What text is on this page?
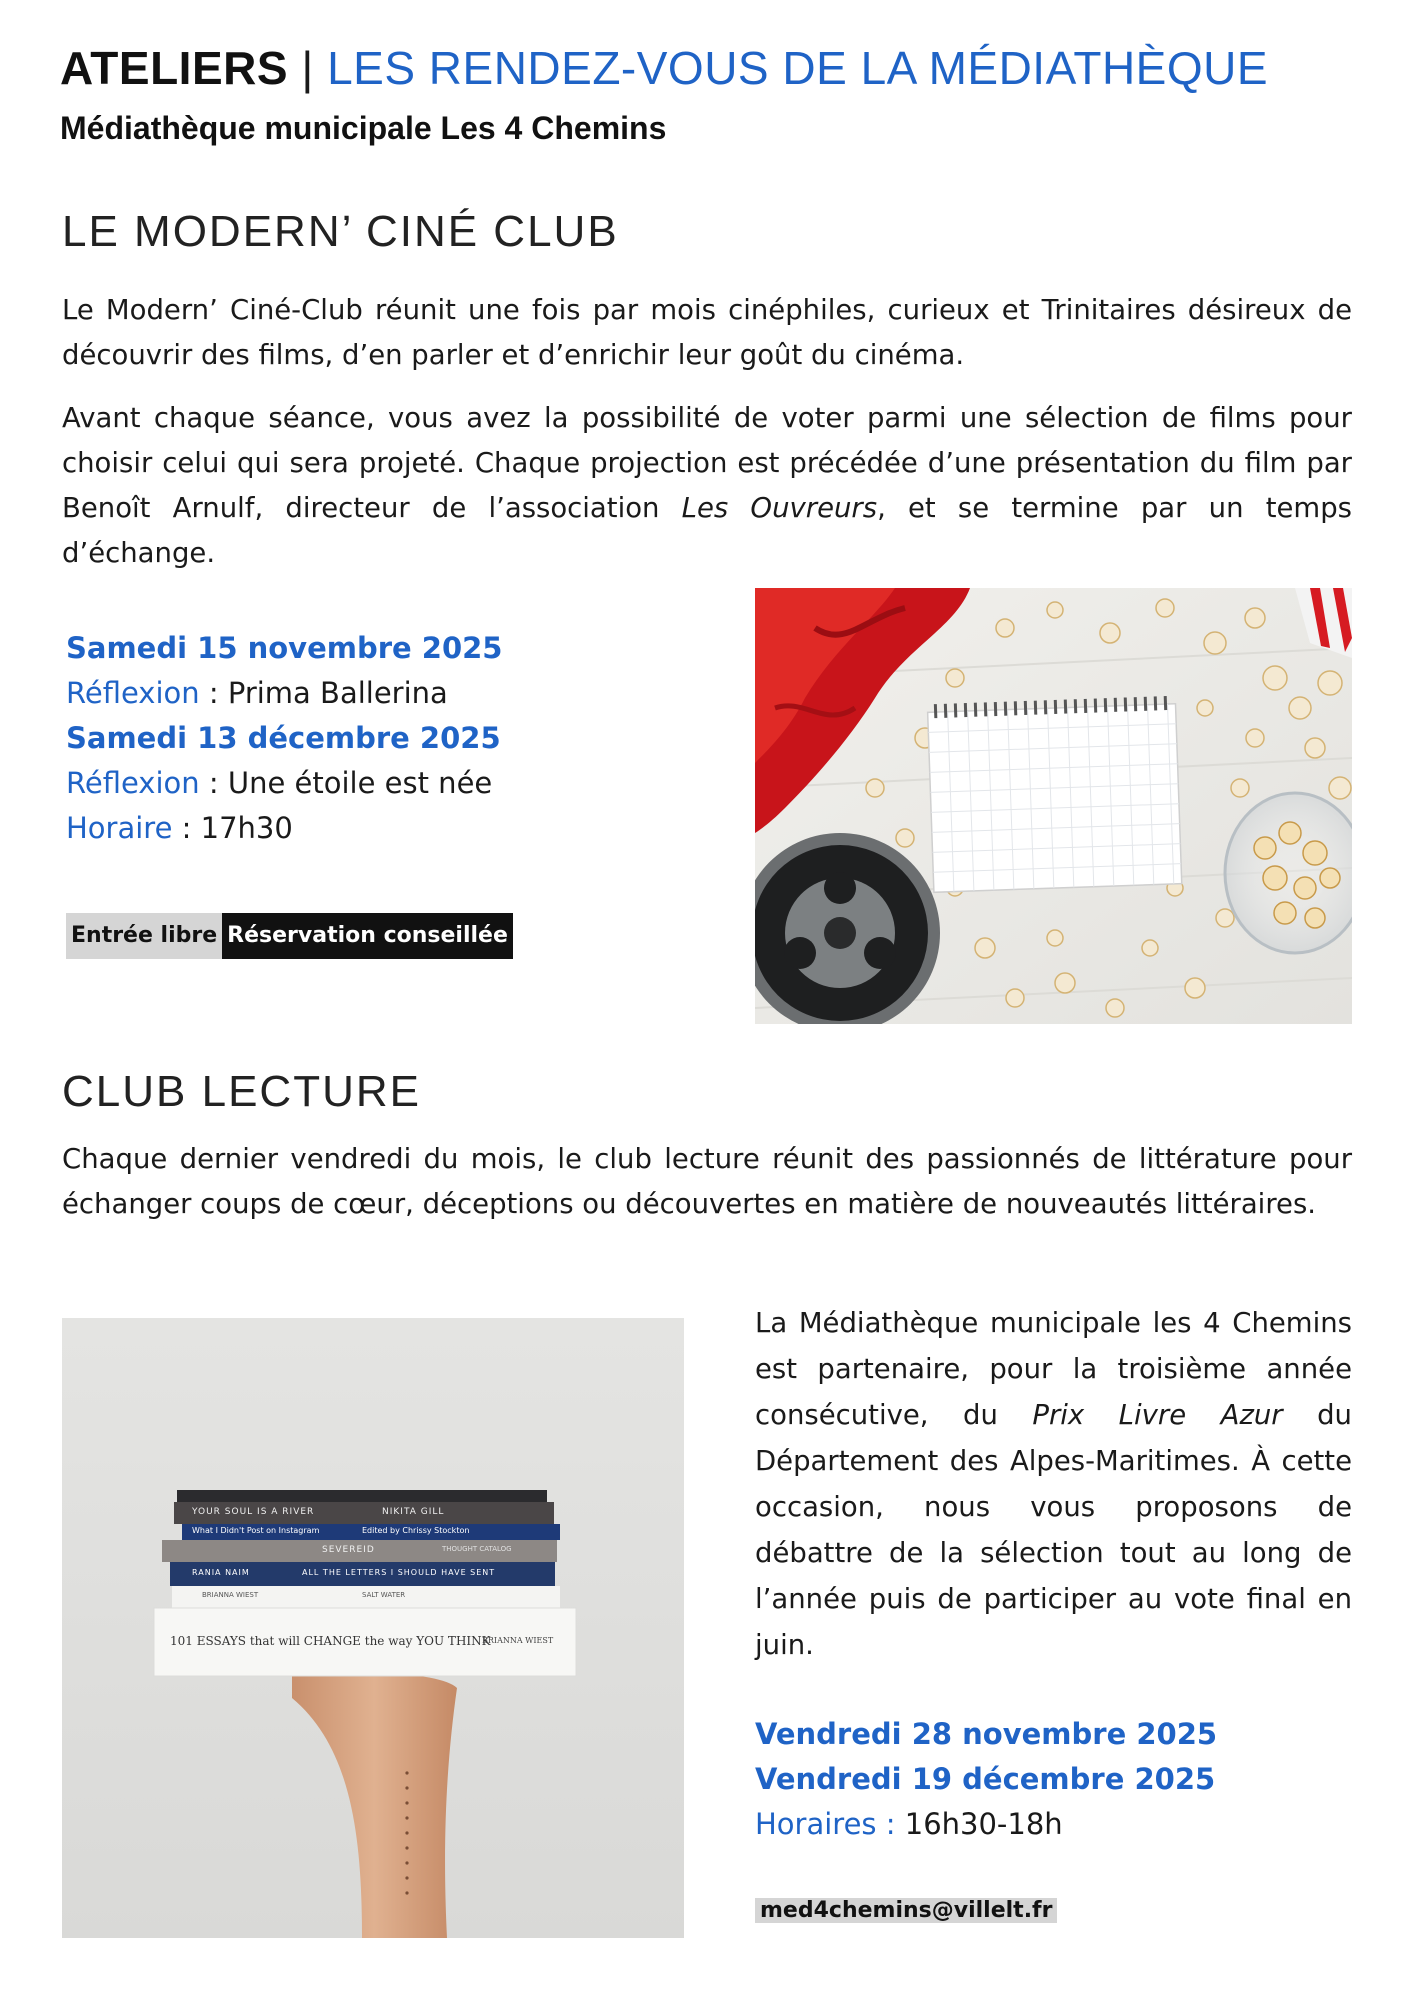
ATELIERS | LES RENDEZ-VOUS DE LA MÉDIATHÈQUE
Médiathèque municipale Les 4 Chemins
LE MODERN’ CINÉ CLUB
Le Modern’ Ciné-Club réunit une fois par mois cinéphiles, curieux et Trinitaires désireux de découvrir des films, d’en parler et d’enrichir leur goût du cinéma.
Avant chaque séance, vous avez la possibilité de voter parmi une sélection de films pour choisir celui qui sera projeté. Chaque projection est précédée d’une présentation du film par Benoît Arnulf, directeur de l’association Les Ouvreurs, et se termine par un temps d’échange.
Samedi 15 novembre 2025
Réflexion : Prima Ballerina
Samedi 13 décembre 2025
Réflexion : Une étoile est née
Horaire : 17h30
Entrée libre Réservation conseillée
CLUB LECTURE
Chaque dernier vendredi du mois, le club lecture réunit des passionnés de littérature pour échanger coups de cœur, déceptions ou découvertes en matière de nouveautés littéraires.
YOUR SOUL IS A RIVER	NIKITA GILL
What I Didn't Post on Instagram	Edited by Chrissy Stockton
SEVEREID	THOUGHT CATALOG
RANIA NAIM	ALL THE LETTERS I SHOULD HAVE SENT
BRIANNA WIEST	SALT WATER
101 ESSAYS that will CHANGE the way YOU THINK
BRIANNA WIEST
La Médiathèque municipale les 4 Chemins est partenaire, pour la troisième année consécutive, du Prix Livre Azur du Département des Alpes-Maritimes. À cette occasion, nous vous proposons de débattre de la sélection tout au long de l’année puis de participer au vote final en juin.
Vendredi 28 novembre 2025
Vendredi 19 décembre 2025
Horaires : 16h30-18h
med4chemins@villelt.fr
